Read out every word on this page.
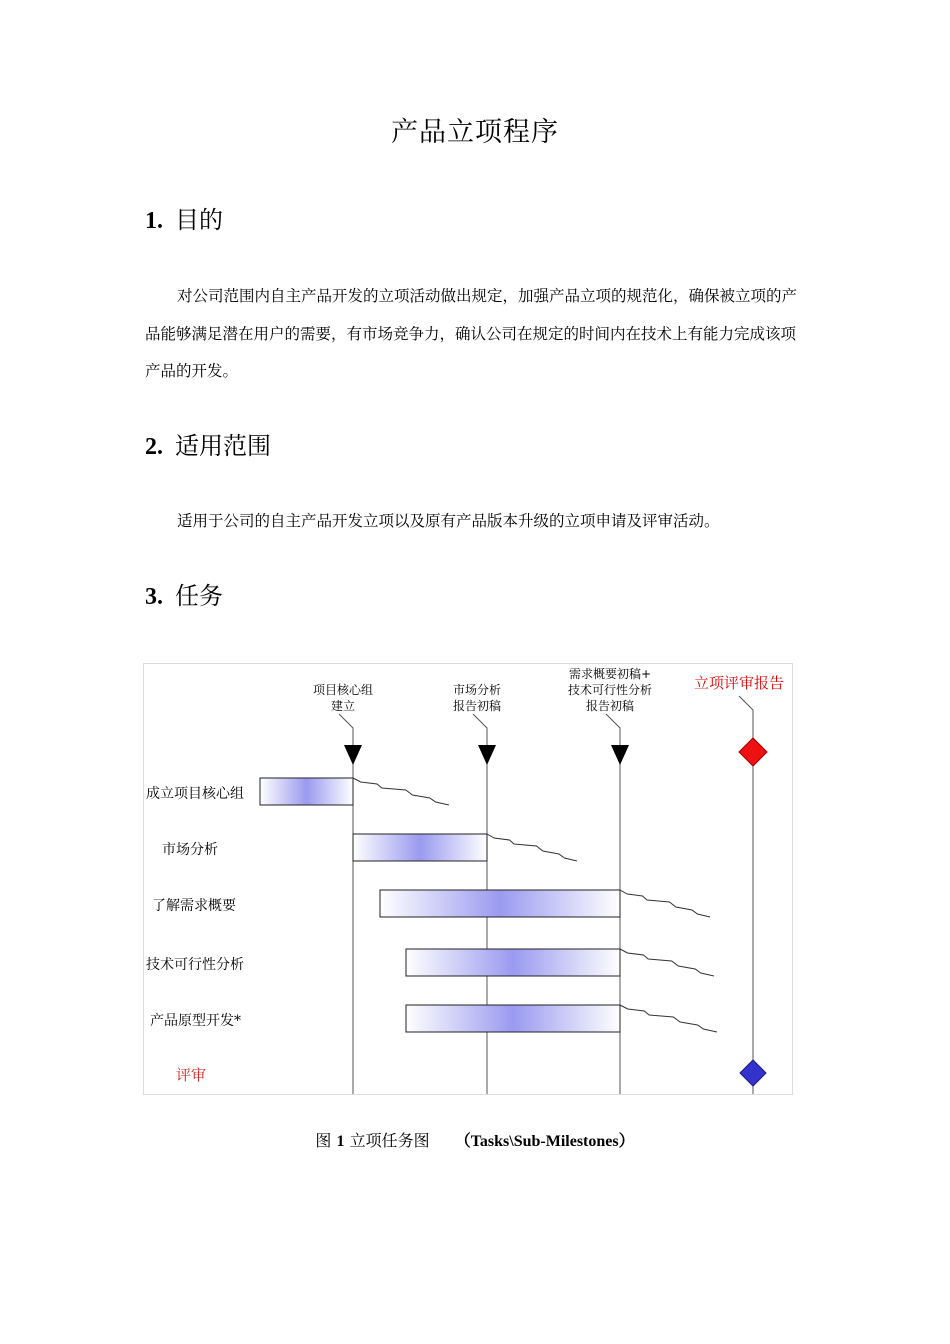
产品立项程序
1. 目的

对公司范围内自主产品开发的立项活动做出规定，加强产品立项的规范化，确保被立项的产品能够满足潜在用户的需要，有市场竞争力，确认公司在规定的时间内在技术上有能力完成该项产品的开发。

2. 适用范围

适用于公司的自主产品开发立项以及原有产品版本升级的立项申请及评审活动。

3. 任务
项目核心组
建立
市场分析
报告初稿
需求概要初稿+
技术可行性分析
报告初稿
立项评审报告
成立项目核心组
市场分析
了解需求概要
技术可行性分析
产品原型开发*
评审
图 1 立项任务图 （Tasks\Sub-Milestones）
